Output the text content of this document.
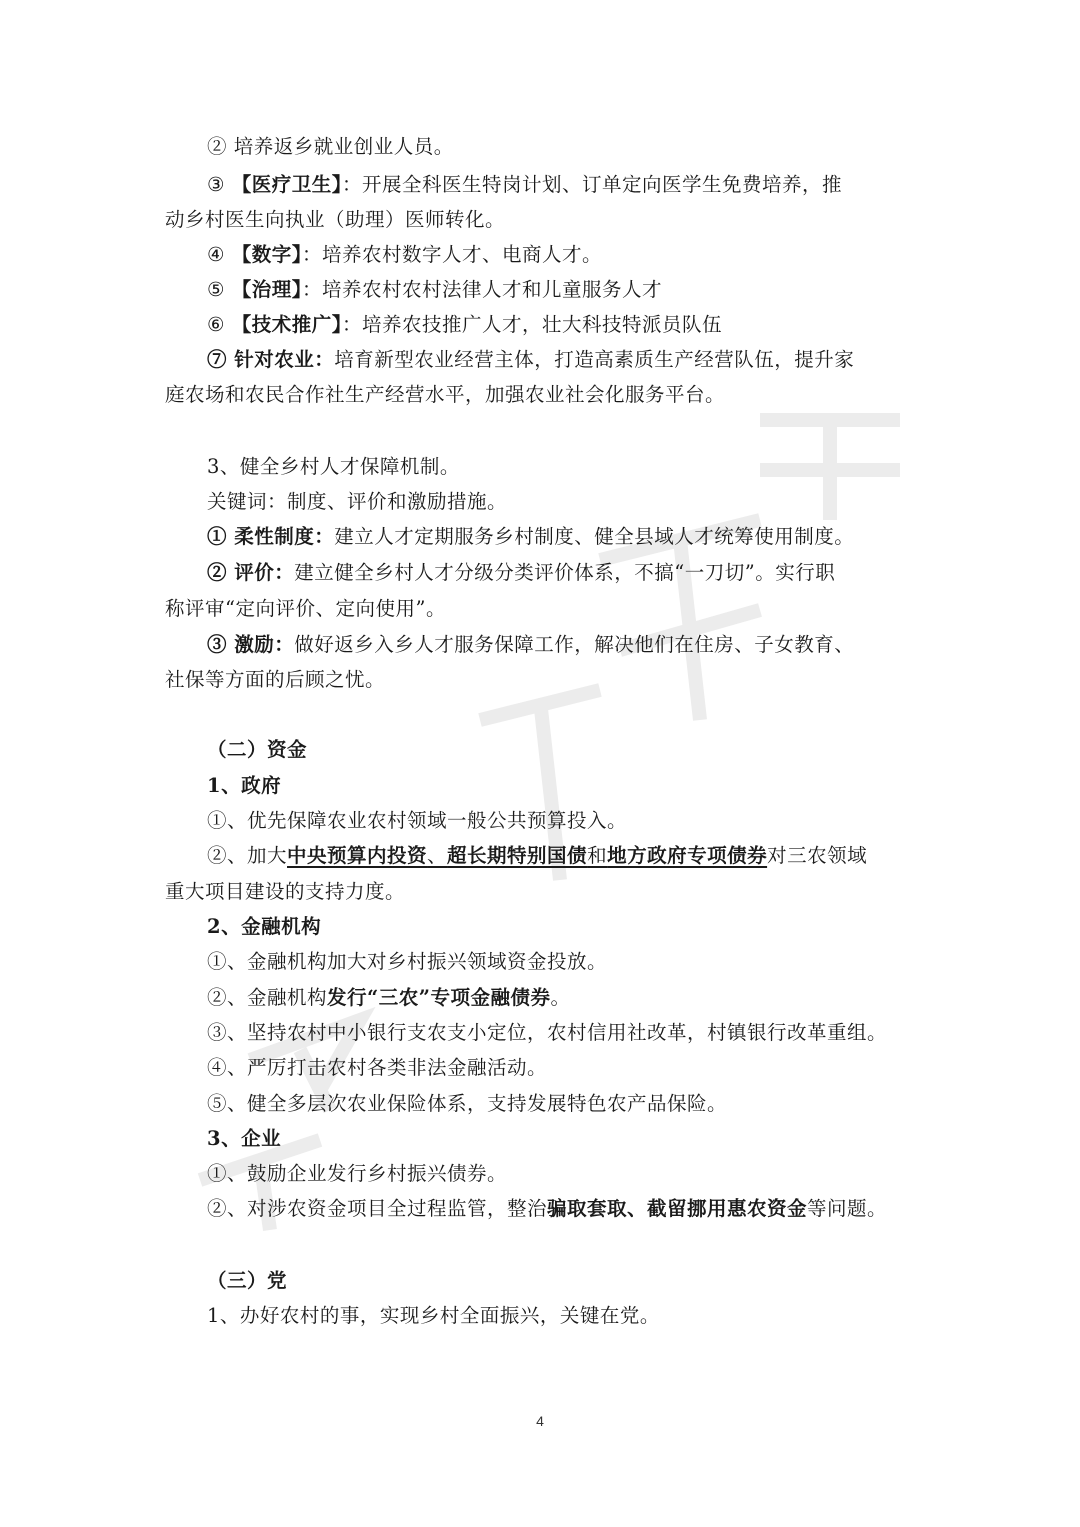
② 培养返乡就业创业人员。
③ 【医疗卫生】：开展全科医生特岗计划、订单定向医学生免费培养，推
动乡村医生向执业（助理）医师转化。
④ 【数字】：培养农村数字人才、电商人才。
⑤ 【治理】：培养农村农村法律人才和儿童服务人才
⑥ 【技术推广】：培养农技推广人才，壮大科技特派员队伍
⑦ 针对农业：培育新型农业经营主体，打造高素质生产经营队伍，提升家
庭农场和农民合作社生产经营水平，加强农业社会化服务平台。
3、健全乡村人才保障机制。
关键词：制度、评价和激励措施。
① 柔性制度：建立人才定期服务乡村制度、健全县域人才统筹使用制度。
② 评价：建立健全乡村人才分级分类评价体系，不搞“一刀切”。实行职
称评审“定向评价、定向使用”。
③ 激励：做好返乡入乡人才服务保障工作，解决他们在住房、子女教育、
社保等方面的后顾之忧。
（二）资金
1、政府
①、优先保障农业农村领域一般公共预算投入。
②、加大中央预算内投资、超长期特别国债和地方政府专项债券对三农领域
重大项目建设的支持力度。
2、金融机构
①、金融机构加大对乡村振兴领域资金投放。
②、金融机构发行“三农”专项金融债券。
③、坚持农村中小银行支农支小定位，农村信用社改革，村镇银行改革重组。
④、严厉打击农村各类非法金融活动。
⑤、健全多层次农业保险体系，支持发展特色农产品保险。
3、企业
①、鼓励企业发行乡村振兴债券。
②、对涉农资金项目全过程监管，整治骗取套取、截留挪用惠农资金等问题。
（三）党
1、办好农村的事，实现乡村全面振兴，关键在党。
4
